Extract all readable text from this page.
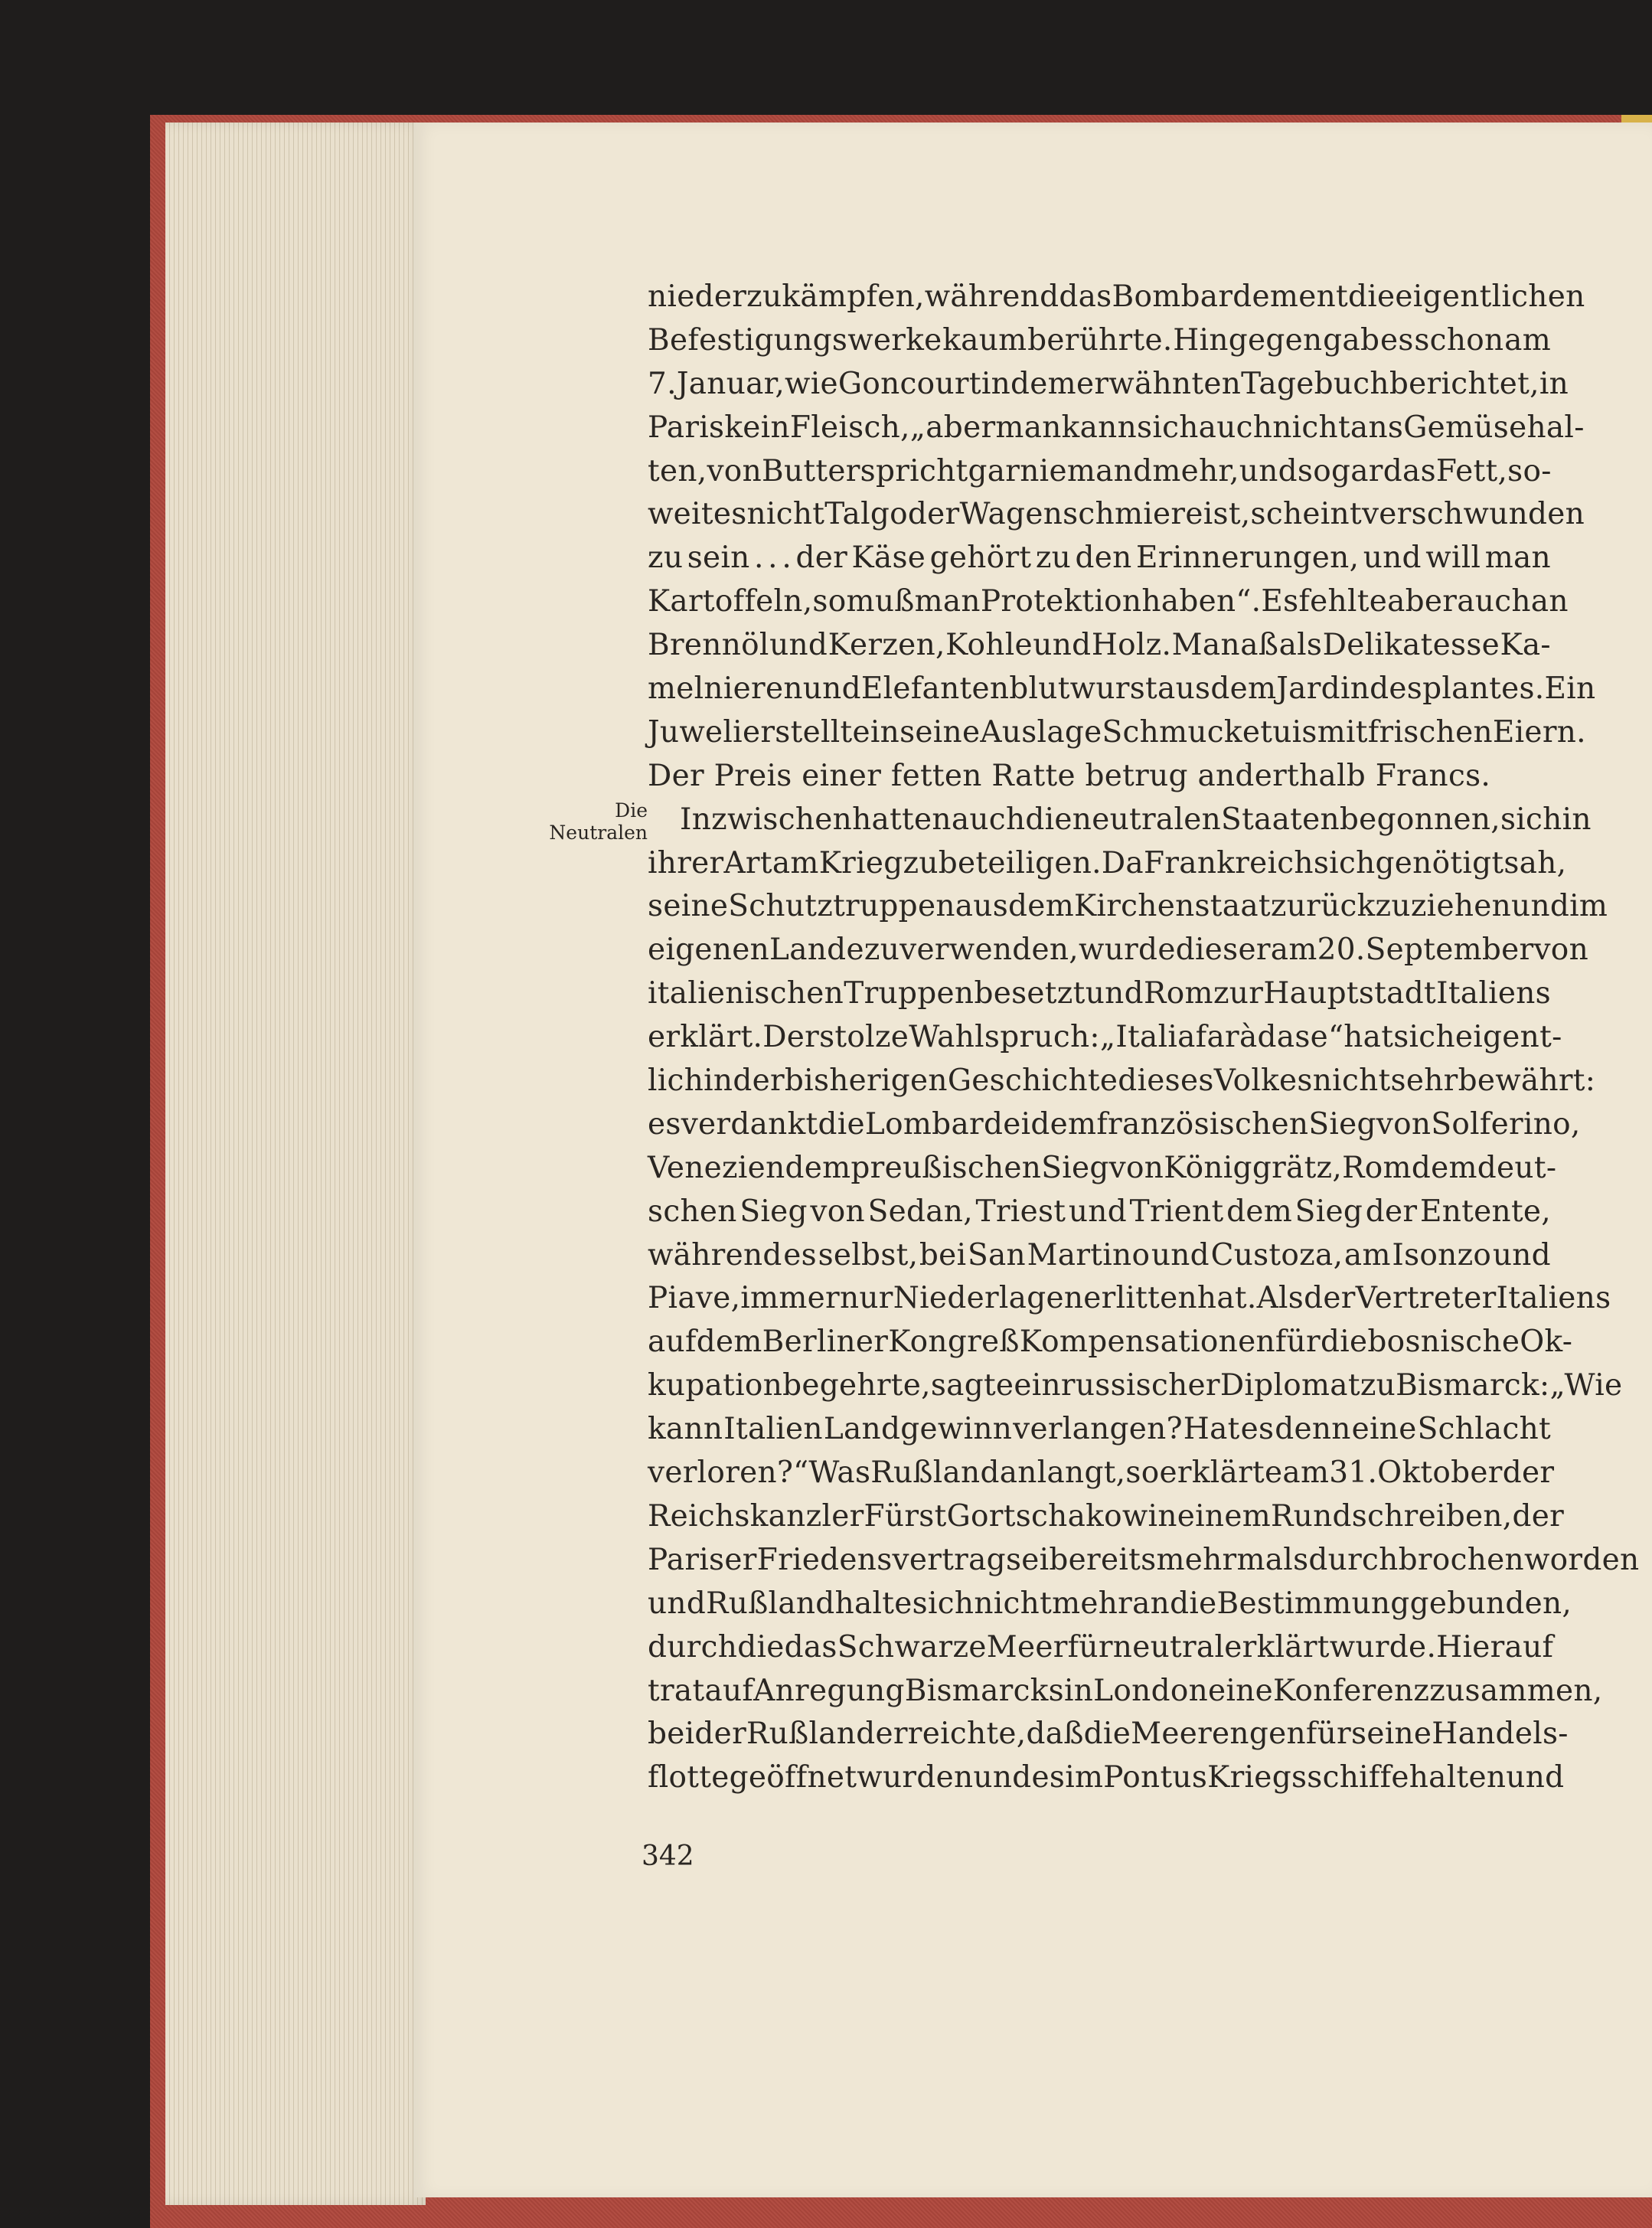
Die
Neutralen
niederzukämpfen, während das Bombardement die eigentlichen
Befestigungswerke kaum berührte. Hingegen gab es schon am
7. Januar, wie Goncourt in dem erwähnten Tagebuch berichtet, in
Paris kein Fleisch, „aber man kann sich auch nicht ans Gemüse hal-
ten, von Butter spricht gar niemand mehr, und sogar das Fett, so-
weit es nicht Talg oder Wagenschmiere ist, scheint verschwunden
zu sein . . . der Käse gehört zu den Erinnerungen, und will man
Kartoffeln, so muß man Protektion haben“. Es fehlte aber auch an
Brennöl und Kerzen, Kohle und Holz. Man aß als Delikatesse Ka-
melnieren und Elefantenblutwurst aus dem Jardin des plantes. Ein
Juwelier stellte in seine Auslage Schmucketuis mit frischen Eiern.
Der Preis einer fetten Ratte betrug anderthalb Francs.
Inzwischen hatten auch die neutralen Staaten begonnen, sich in
ihrer Art am Krieg zu beteiligen. Da Frankreich sich genötigt sah,
seine Schutztruppen aus dem Kirchenstaat zurückzuziehen und im
eigenen Lande zu verwenden, wurde dieser am 20. September von
italienischen Truppen besetzt und Rom zur Hauptstadt Italiens
erklärt. Der stolze Wahlspruch: „Italia farà da se“ hat sich eigent-
lich in der bisherigen Geschichte dieses Volkes nicht sehr bewährt:
es verdankt die Lombardei dem französischen Sieg von Solferino,
Venezien dem preußischen Sieg von Königgrätz, Rom dem deut-
schen Sieg von Sedan, Triest und Trient dem Sieg der Entente,
während es selbst, bei San Martino und Custoza, am Isonzo und
Piave, immer nur Niederlagen erlitten hat. Als der Vertreter Italiens
auf dem Berliner Kongreß Kompensationen für die bosnische Ok-
kupation begehrte, sagte ein russischer Diplomat zu Bismarck: „Wie
kann Italien Landgewinn verlangen? Hat es denn eine Schlacht
verloren?“ Was Rußland anlangt, so erklärte am 31. Oktober der
Reichskanzler Fürst Gortschakow in einem Rundschreiben, der
Pariser Friedensvertrag sei bereits mehrmals durchbrochen worden
und Rußland halte sich nicht mehr an die Bestimmung gebunden,
durch die das Schwarze Meer für neutral erklärt wurde. Hierauf
trat auf Anregung Bismarcks in London eine Konferenz zusammen,
bei der Rußland erreichte, daß die Meerengen für seine Handels-
flotte geöffnet wurden und es im Pontus Kriegsschiffe halten und
342
